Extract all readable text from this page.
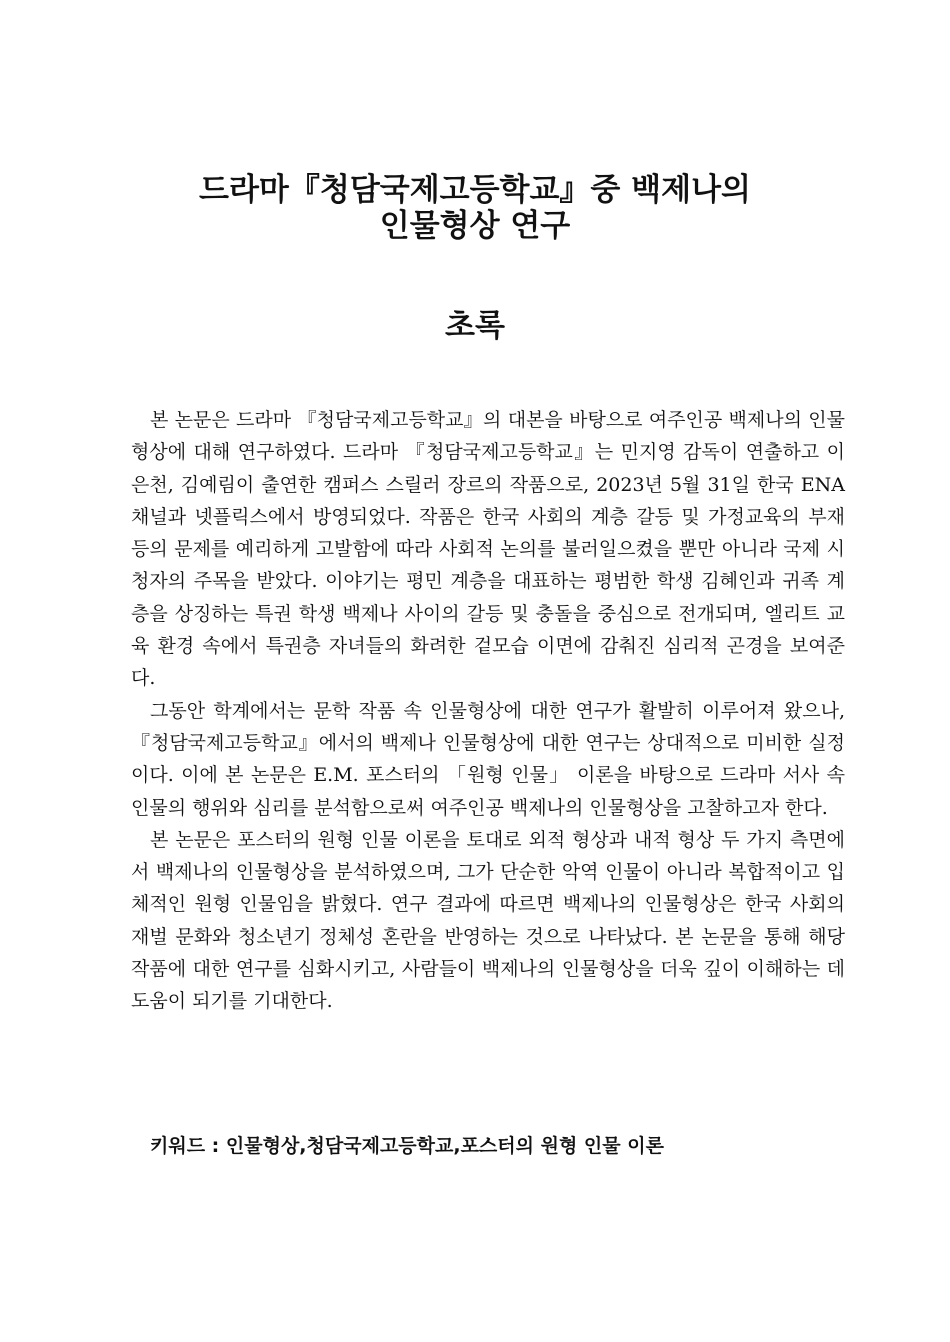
드라마『청담국제고등학교』중 백제나의
인물형상 연구
초록

본 논문은 드라마 『청담국제고등학교』의 대본을 바탕으로 여주인공 백제나의 인물형상에 대해 연구하였다. 드라마 『청담국제고등학교』는 민지영 감독이 연출하고 이은천, 김예림이 출연한 캠퍼스 스릴러 장르의 작품으로, 2023년 5월 31일 한국 ENA 채널과 넷플릭스에서 방영되었다. 작품은 한국 사회의 계층 갈등 및 가정교육의 부재 등의 문제를 예리하게 고발함에 따라 사회적 논의를 불러일으켰을 뿐만 아니라 국제 시청자의 주목을 받았다. 이야기는 평민 계층을 대표하는 평범한 학생 김혜인과 귀족 계층을 상징하는 특권 학생 백제나 사이의 갈등 및 충돌을 중심으로 전개되며, 엘리트 교육 환경 속에서 특권층 자녀들의 화려한 겉모습 이면에 감춰진 심리적 곤경을 보여준다.

그동안 학계에서는 문학 작품 속 인물형상에 대한 연구가 활발히 이루어져 왔으나, 『청담국제고등학교』에서의 백제나 인물형상에 대한 연구는 상대적으로 미비한 실정이다. 이에 본 논문은 E.M. 포스터의 「원형 인물」 이론을 바탕으로 드라마 서사 속 인물의 행위와 심리를 분석함으로써 여주인공 백제나의 인물형상을 고찰하고자 한다.

본 논문은 포스터의 원형 인물 이론을 토대로 외적 형상과 내적 형상 두 가지 측면에서 백제나의 인물형상을 분석하였으며, 그가 단순한 악역 인물이 아니라 복합적이고 입체적인 원형 인물임을 밝혔다. 연구 결과에 따르면 백제나의 인물형상은 한국 사회의 재벌 문화와 청소년기 정체성 혼란을 반영하는 것으로 나타났다. 본 논문을 통해 해당 작품에 대한 연구를 심화시키고, 사람들이 백제나의 인물형상을 더욱 깊이 이해하는 데 도움이 되기를 기대한다.

키워드 : 인물형상,청담국제고등학교,포스터의 원형 인물 이론
